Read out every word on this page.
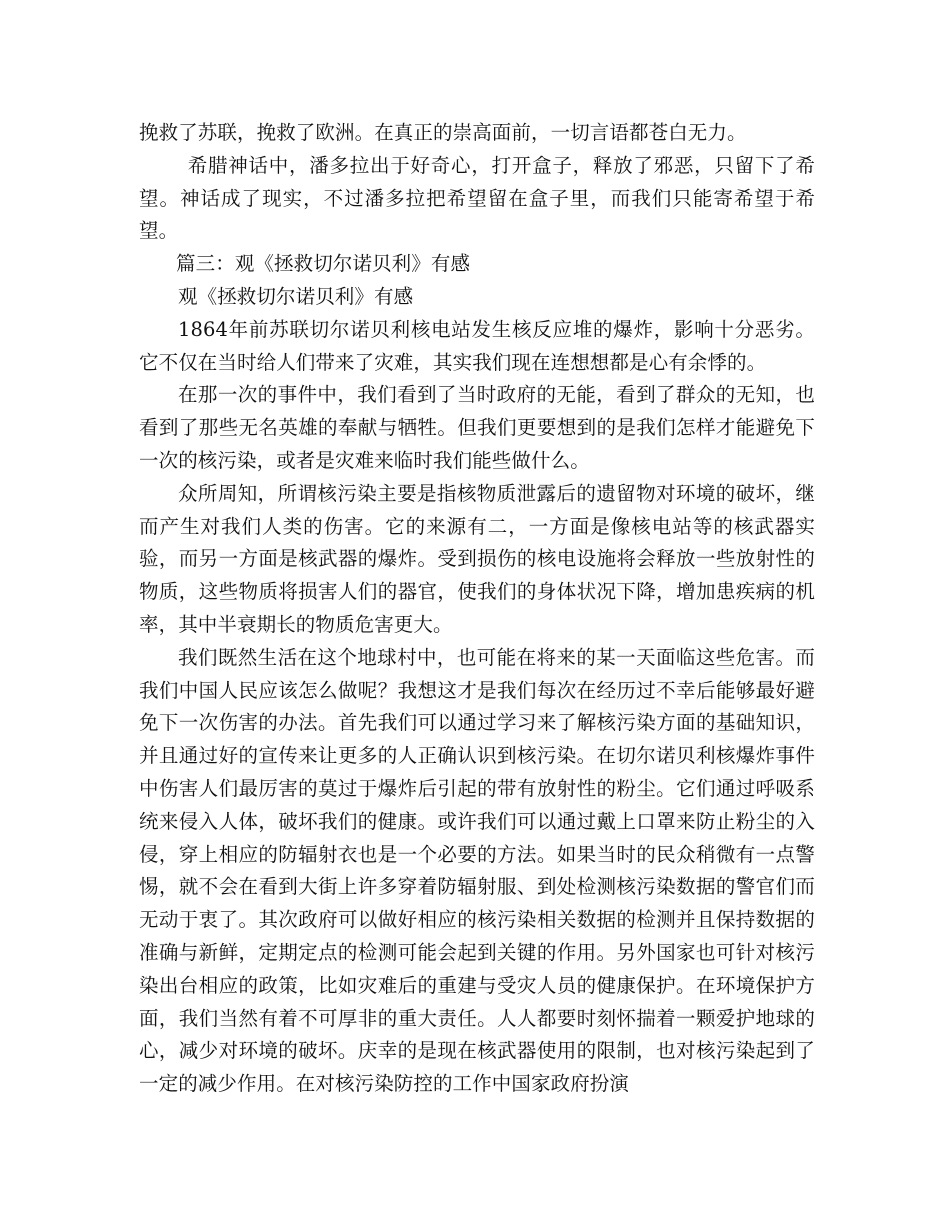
挽救了苏联，挽救了欧洲。在真正的崇高面前，一切言语都苍白无力。

希腊神话中，潘多拉出于好奇心，打开盒子，释放了邪恶，只留下了希望。神话成了现实，不过潘多拉把希望留在盒子里，而我们只能寄希望于希望。

篇三：观《拯救切尔诺贝利》有感

观《拯救切尔诺贝利》有感

1864年前苏联切尔诺贝利核电站发生核反应堆的爆炸，影响十分恶劣。它不仅在当时给人们带来了灾难，其实我们现在连想想都是心有余悸的。

在那一次的事件中，我们看到了当时政府的无能，看到了群众的无知，也看到了那些无名英雄的奉献与牺牲。但我们更要想到的是我们怎样才能避免下一次的核污染，或者是灾难来临时我们能些做什么。

众所周知，所谓核污染主要是指核物质泄露后的遗留物对环境的破坏，继而产生对我们人类的伤害。它的来源有二，一方面是像核电站等的核武器实验，而另一方面是核武器的爆炸。受到损伤的核电设施将会释放一些放射性的物质，这些物质将损害人们的器官，使我们的身体状况下降，增加患疾病的机率，其中半衰期长的物质危害更大。

我们既然生活在这个地球村中，也可能在将来的某一天面临这些危害。而我们中国人民应该怎么做呢？我想这才是我们每次在经历过不幸后能够最好避免下一次伤害的办法。首先我们可以通过学习来了解核污染方面的基础知识，并且通过好的宣传来让更多的人正确认识到核污染。在切尔诺贝利核爆炸事件中伤害人们最厉害的莫过于爆炸后引起的带有放射性的粉尘。它们通过呼吸系统来侵入人体，破坏我们的健康。或许我们可以通过戴上口罩来防止粉尘的入侵，穿上相应的防辐射衣也是一个必要的方法。如果当时的民众稍微有一点警惕，就不会在看到大街上许多穿着防辐射服、到处检测核污染数据的警官们而无动于衷了。其次政府可以做好相应的核污染相关数据的检测并且保持数据的准确与新鲜，定期定点的检测可能会起到关键的作用。另外国家也可针对核污染出台相应的政策，比如灾难后的重建与受灾人员的健康保护。在环境保护方面，我们当然有着不可厚非的重大责任。人人都要时刻怀揣着一颗爱护地球的心，减少对环境的破坏。庆幸的是现在核武器使用的限制，也对核污染起到了一定的减少作用。在对核污染防控的工作中国家政府扮演
